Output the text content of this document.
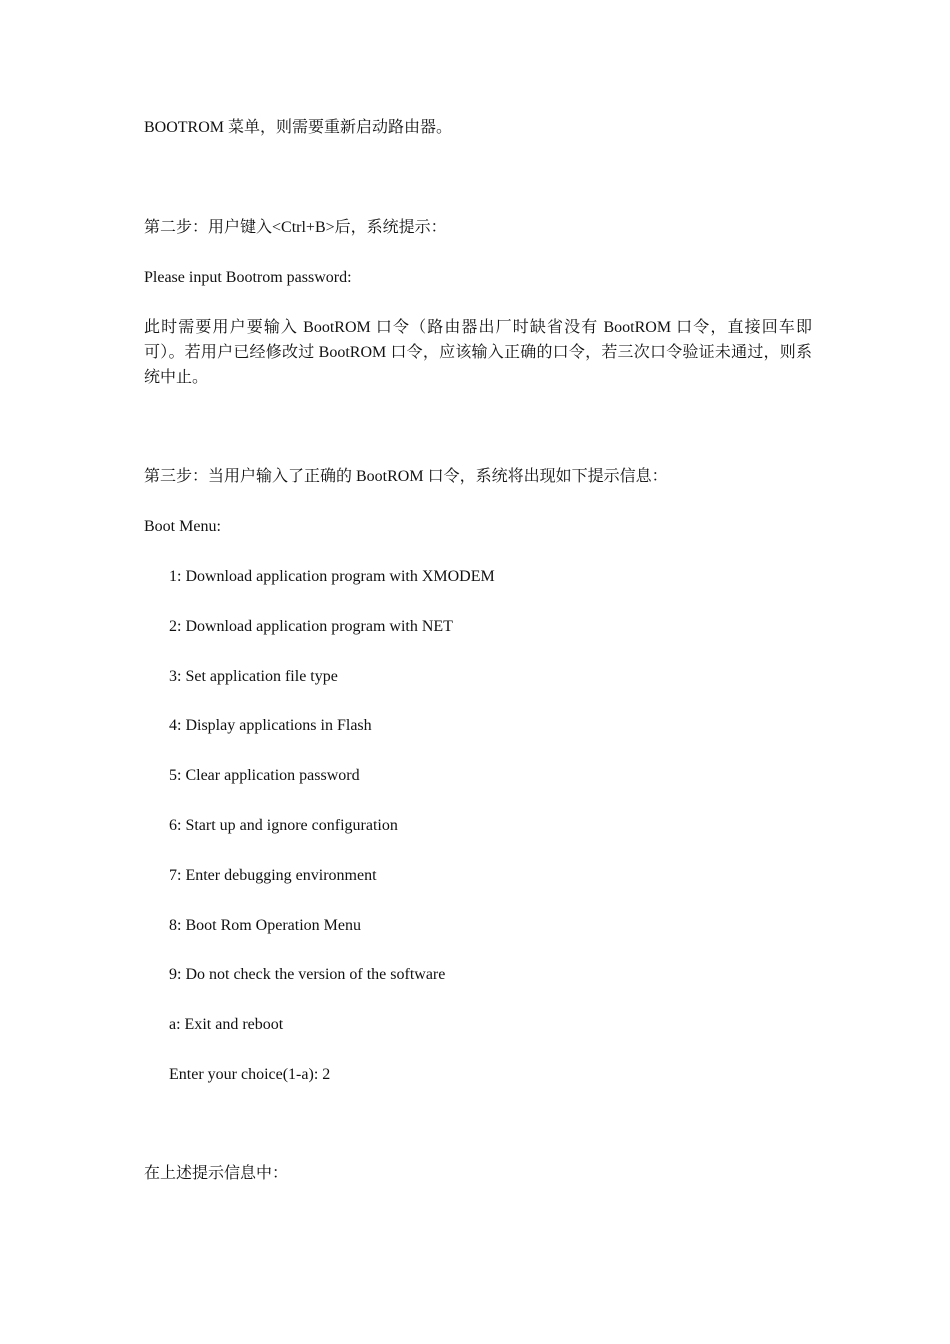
BOOTROM 菜单，则需要重新启动路由器。
第二步：用户键入<Ctrl+B>后，系统提示：
Please input Bootrom password:
此时需要用户要输入 BootROM 口令（路由器出厂时缺省没有 BootROM 口令，直接回车即可）。若用户已经修改过 BootROM 口令，应该输入正确的口令，若三次口令验证未通过，则系统中止。
第三步：当用户输入了正确的 BootROM 口令，系统将出现如下提示信息：
Boot Menu:
1: Download application program with XMODEM
2: Download application program with NET
3: Set application file type
4: Display applications in Flash
5: Clear application password
6: Start up and ignore configuration
7: Enter debugging environment
8: Boot Rom Operation Menu
9: Do not check the version of the software
a: Exit and reboot
Enter your choice(1-a): 2
在上述提示信息中：
